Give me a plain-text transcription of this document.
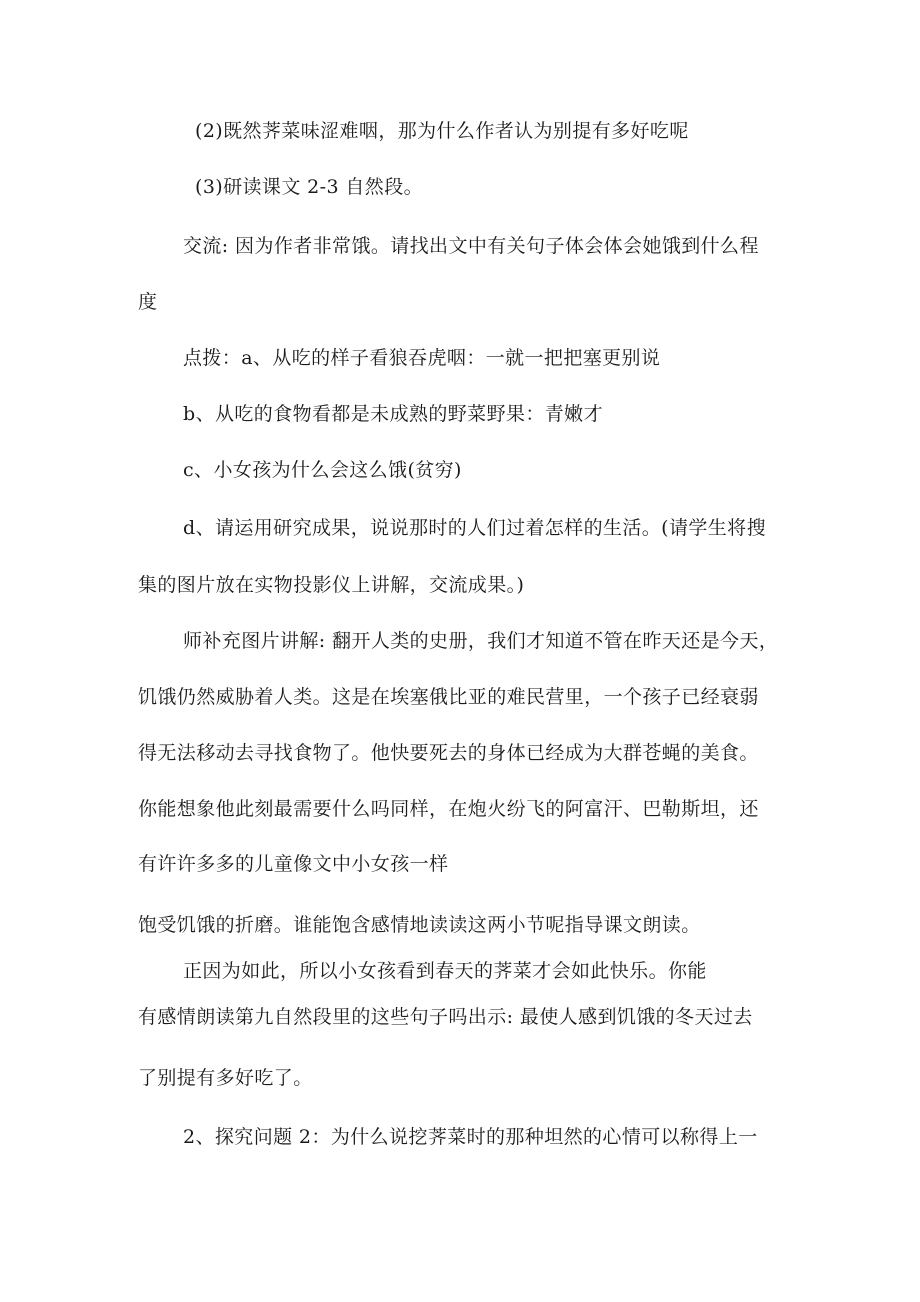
(2)既然荠菜味涩难咽，那为什么作者认为别提有多好吃呢
(3)研读课文 2-3 自然段。
交流: 因为作者非常饿。请找出文中有关句子体会体会她饿到什么程
度
点拨：a、从吃的样子看狼吞虎咽：一就一把把塞更别说
b、从吃的食物看都是未成熟的野菜野果：青嫩才
c、小女孩为什么会这么饿(贫穷)
d、请运用研究成果，说说那时的人们过着怎样的生活。(请学生将搜
集的图片放在实物投影仪上讲解，交流成果。)
师补充图片讲解: 翻开人类的史册，我们才知道不管在昨天还是今天，
饥饿仍然威胁着人类。这是在埃塞俄比亚的难民营里，一个孩子已经衰弱
得无法移动去寻找食物了。他快要死去的身体已经成为大群苍蝇的美食。
你能想象他此刻最需要什么吗同样，在炮火纷飞的阿富汗、巴勒斯坦，还
有许许多多的儿童像文中小女孩一样
饱受饥饿的折磨。谁能饱含感情地读读这两小节呢指导课文朗读。
正因为如此，所以小女孩看到春天的荠菜才会如此快乐。你能
有感情朗读第九自然段里的这些句子吗出示: 最使人感到饥饿的冬天过去
了别提有多好吃了。
2、探究问题 2：为什么说挖荠菜时的那种坦然的心情可以称得上一
